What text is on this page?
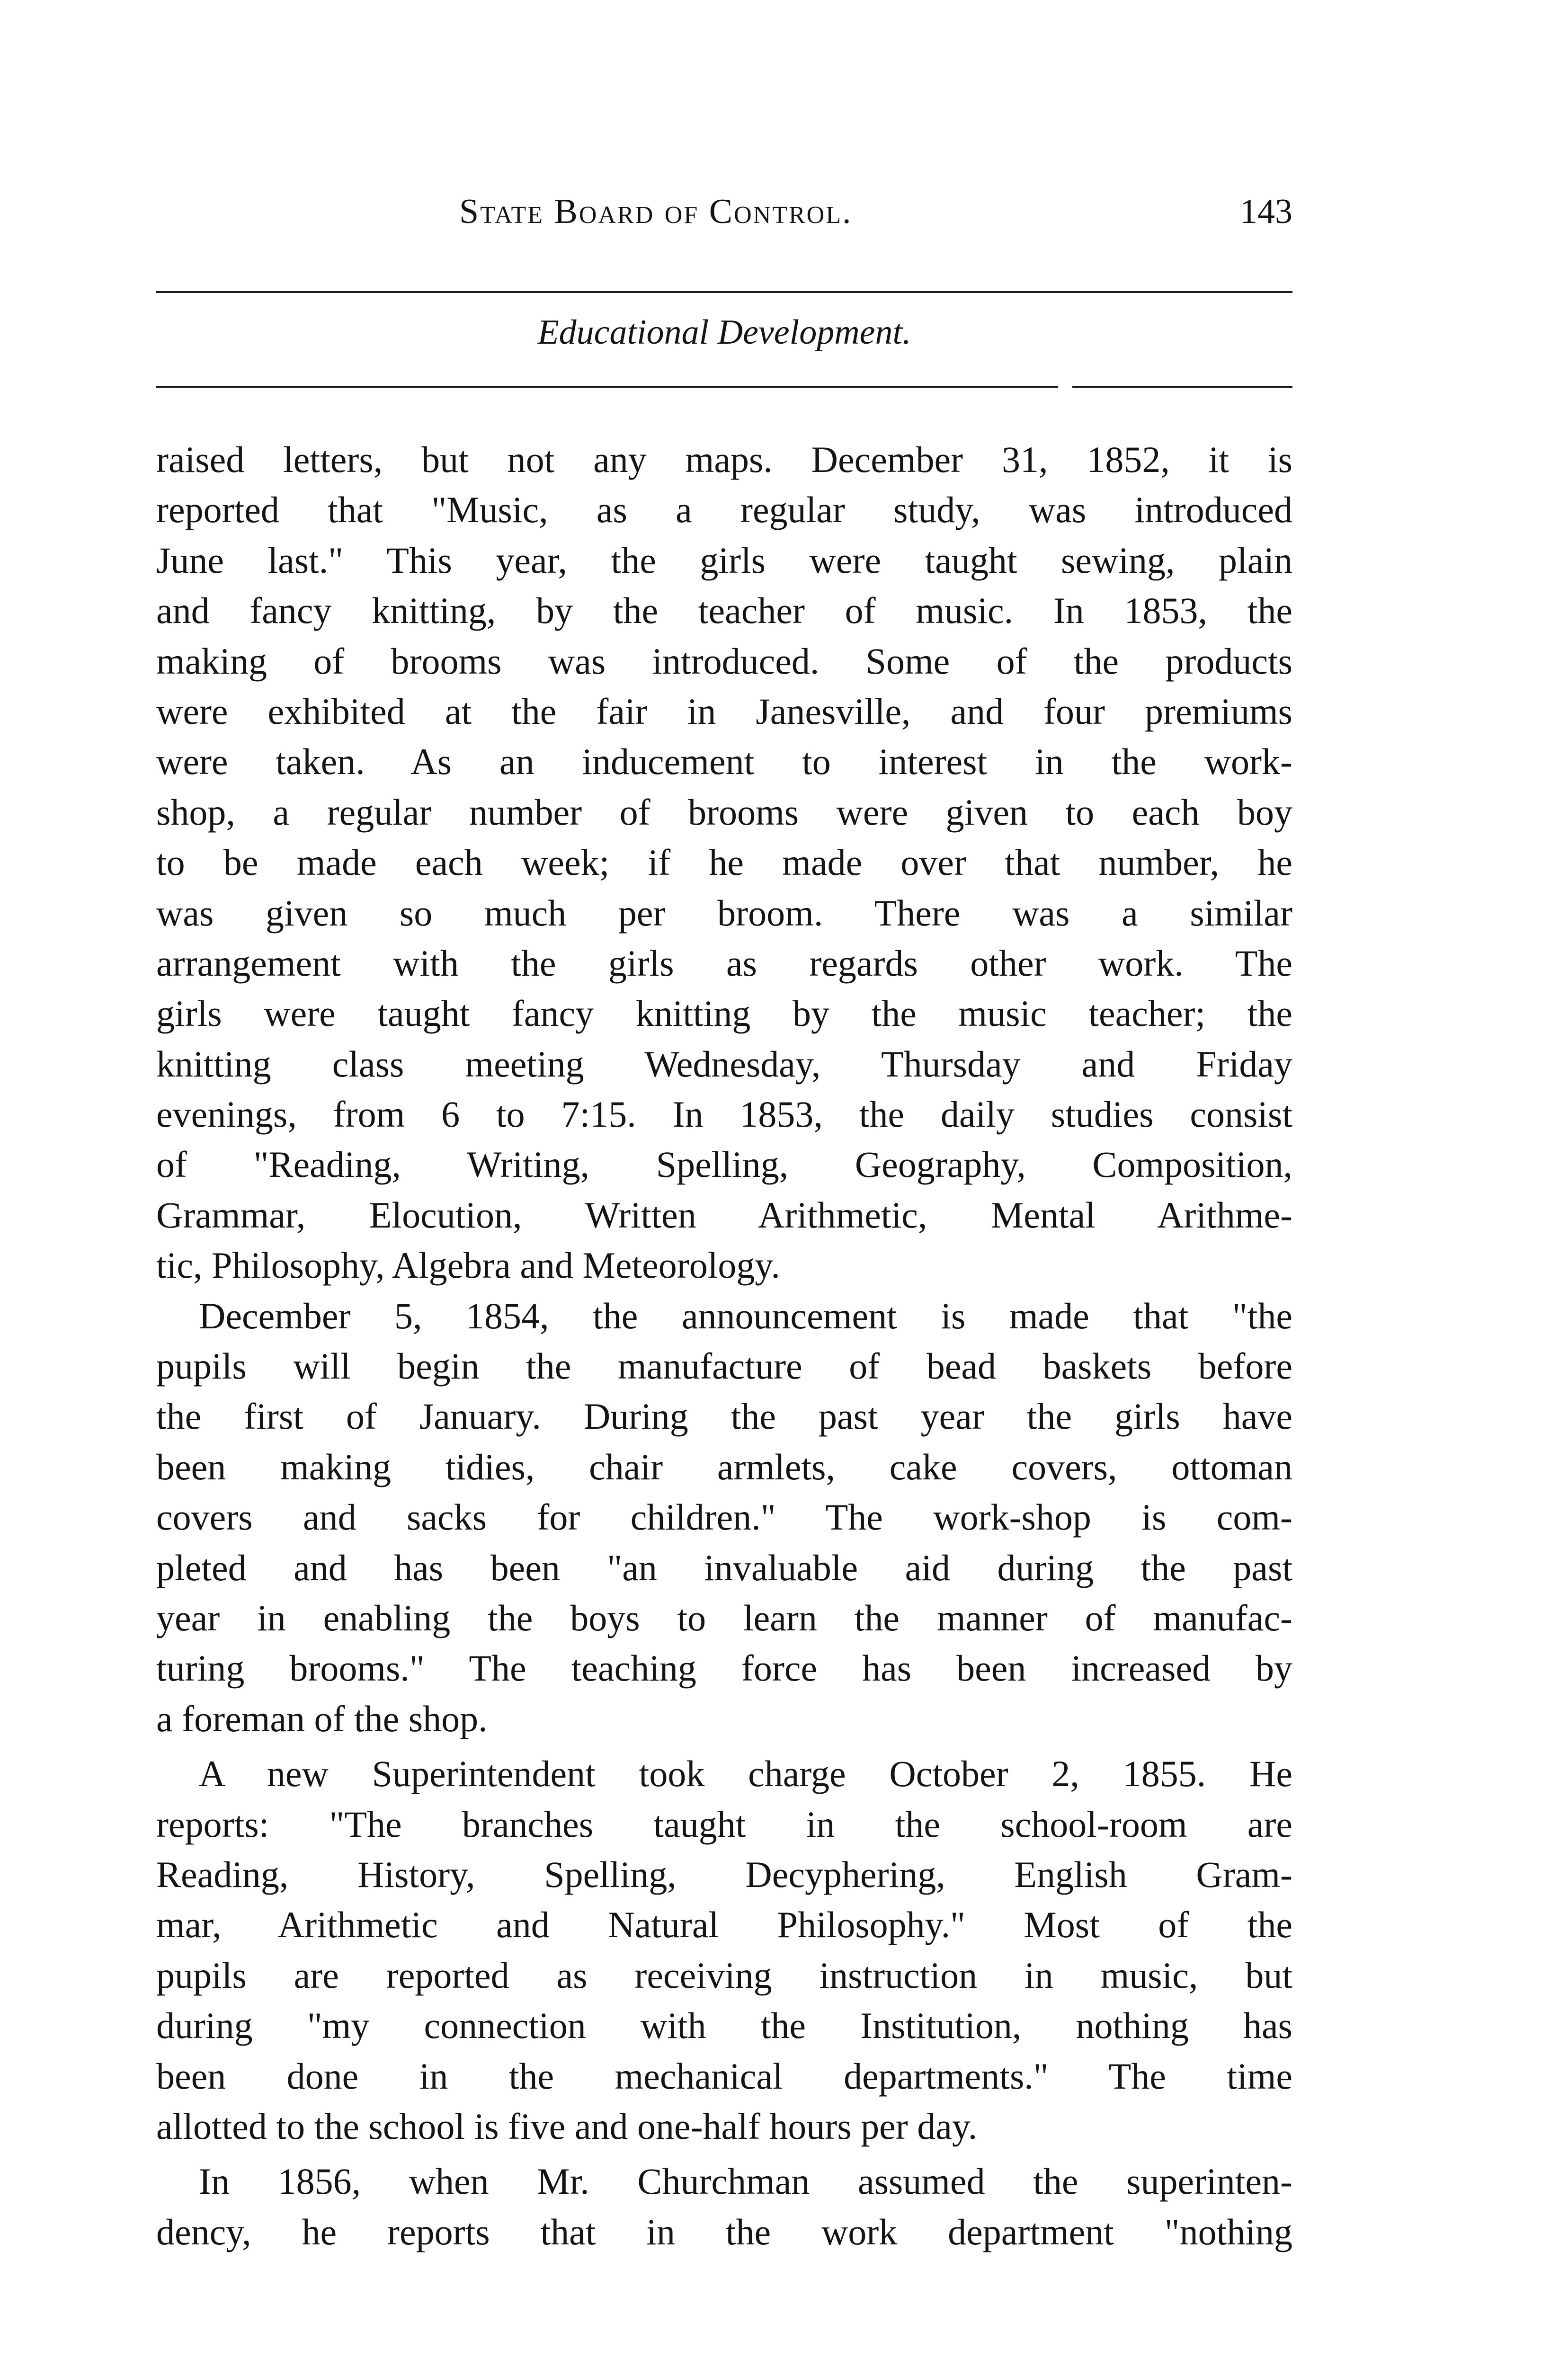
State Board of Control.	143
Educational Development.
raised letters, but not any maps. December 31, 1852, it is
reported that "Music, as a regular study, was introduced
June last." This year, the girls were taught sewing, plain
and fancy knitting, by the teacher of music. In 1853, the
making of brooms was introduced. Some of the products
were exhibited at the fair in Janesville, and four premiums
were taken. As an inducement to interest in the work-
shop, a regular number of brooms were given to each boy
to be made each week; if he made over that number, he
was given so much per broom. There was a similar
arrangement with the girls as regards other work. The
girls were taught fancy knitting by the music teacher; the
knitting class meeting Wednesday, Thursday and Friday
evenings, from 6 to 7:15. In 1853, the daily studies consist
of "Reading, Writing, Spelling, Geography, Composition,
Grammar, Elocution, Written Arithmetic, Mental Arithme-
tic, Philosophy, Algebra and Meteorology.
December 5, 1854, the announcement is made that "the
pupils will begin the manufacture of bead baskets before
the first of January. During the past year the girls have
been making tidies, chair armlets, cake covers, ottoman
covers and sacks for children." The work-shop is com-
pleted and has been "an invaluable aid during the past
year in enabling the boys to learn the manner of manufac-
turing brooms." The teaching force has been increased by
a foreman of the shop.
A new Superintendent took charge October 2, 1855. He
reports: "The branches taught in the school-room are
Reading, History, Spelling, Decyphering, English Gram-
mar, Arithmetic and Natural Philosophy." Most of the
pupils are reported as receiving instruction in music, but
during "my connection with the Institution, nothing has
been done in the mechanical departments." The time
allotted to the school is five and one-half hours per day.
In 1856, when Mr. Churchman assumed the superinten-
dency, he reports that in the work department "nothing
